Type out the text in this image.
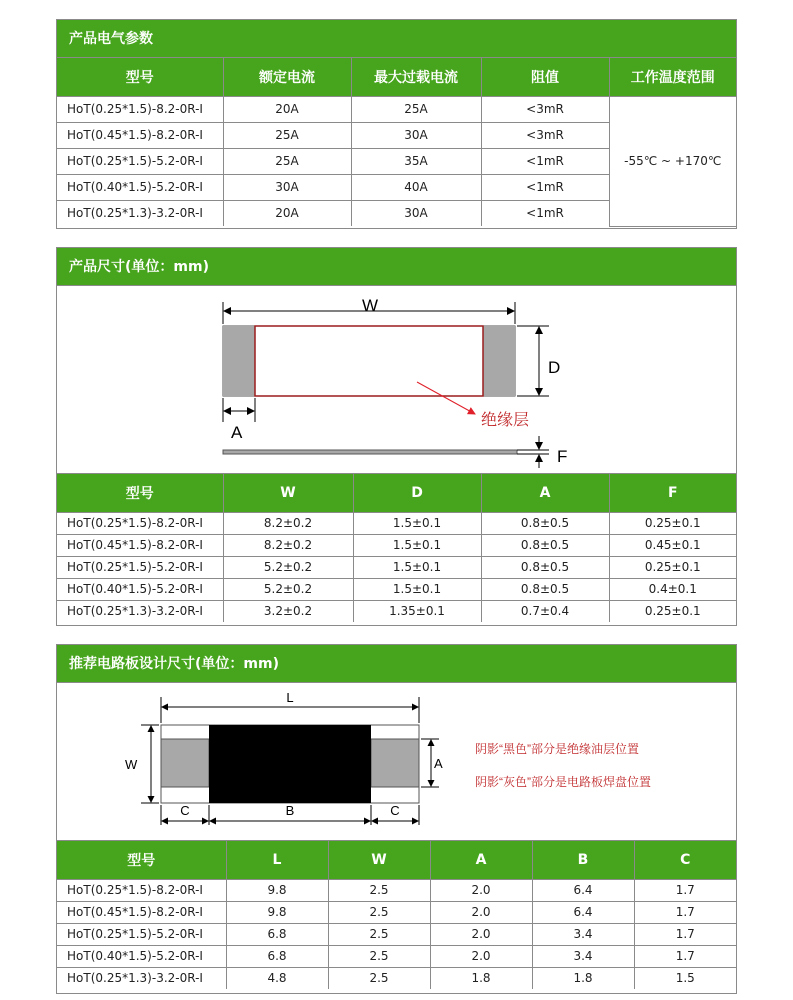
产品电气参数
型号	额定电流	最大过载电流	阻值	工作温度范围
HoT(0.25*1.5)-8.2-0R-I	20A	25A	<3mR	-55℃ ~ +170℃
HoT(0.45*1.5)-8.2-0R-I	25A	30A	<3mR	
HoT(0.25*1.5)-5.2-0R-I	25A	35A	<1mR	
HoT(0.40*1.5)-5.2-0R-I	30A	40A	<1mR	
HoT(0.25*1.3)-3.2-0R-I	20A	30A	<1mR	
产品尺寸(单位：mm)
W
D
A
绝缘层
F
型号	W	D	A	F
HoT(0.25*1.5)-8.2-0R-I	8.2±0.2	1.5±0.1	0.8±0.5	0.25±0.1
HoT(0.45*1.5)-8.2-0R-I	8.2±0.2	1.5±0.1	0.8±0.5	0.45±0.1
HoT(0.25*1.5)-5.2-0R-I	5.2±0.2	1.5±0.1	0.8±0.5	0.25±0.1
HoT(0.40*1.5)-5.2-0R-I	5.2±0.2	1.5±0.1	0.8±0.5	0.4±0.1
HoT(0.25*1.3)-3.2-0R-I	3.2±0.2	1.35±0.1	0.7±0.4	0.25±0.1
推荐电路板设计尺寸(单位：mm)
L
W	A
C	B	C
阴影“黑色”部分是绝缘油层位置
阴影“灰色”部分是电路板焊盘位置
型号	L	W	A	B	C
HoT(0.25*1.5)-8.2-0R-I	9.8	2.5	2.0	6.4	1.7
HoT(0.45*1.5)-8.2-0R-I	9.8	2.5	2.0	6.4	1.7
HoT(0.25*1.5)-5.2-0R-I	6.8	2.5	2.0	3.4	1.7
HoT(0.40*1.5)-5.2-0R-I	6.8	2.5	2.0	3.4	1.7
HoT(0.25*1.3)-3.2-0R-I	4.8	2.5	1.8	1.8	1.5
